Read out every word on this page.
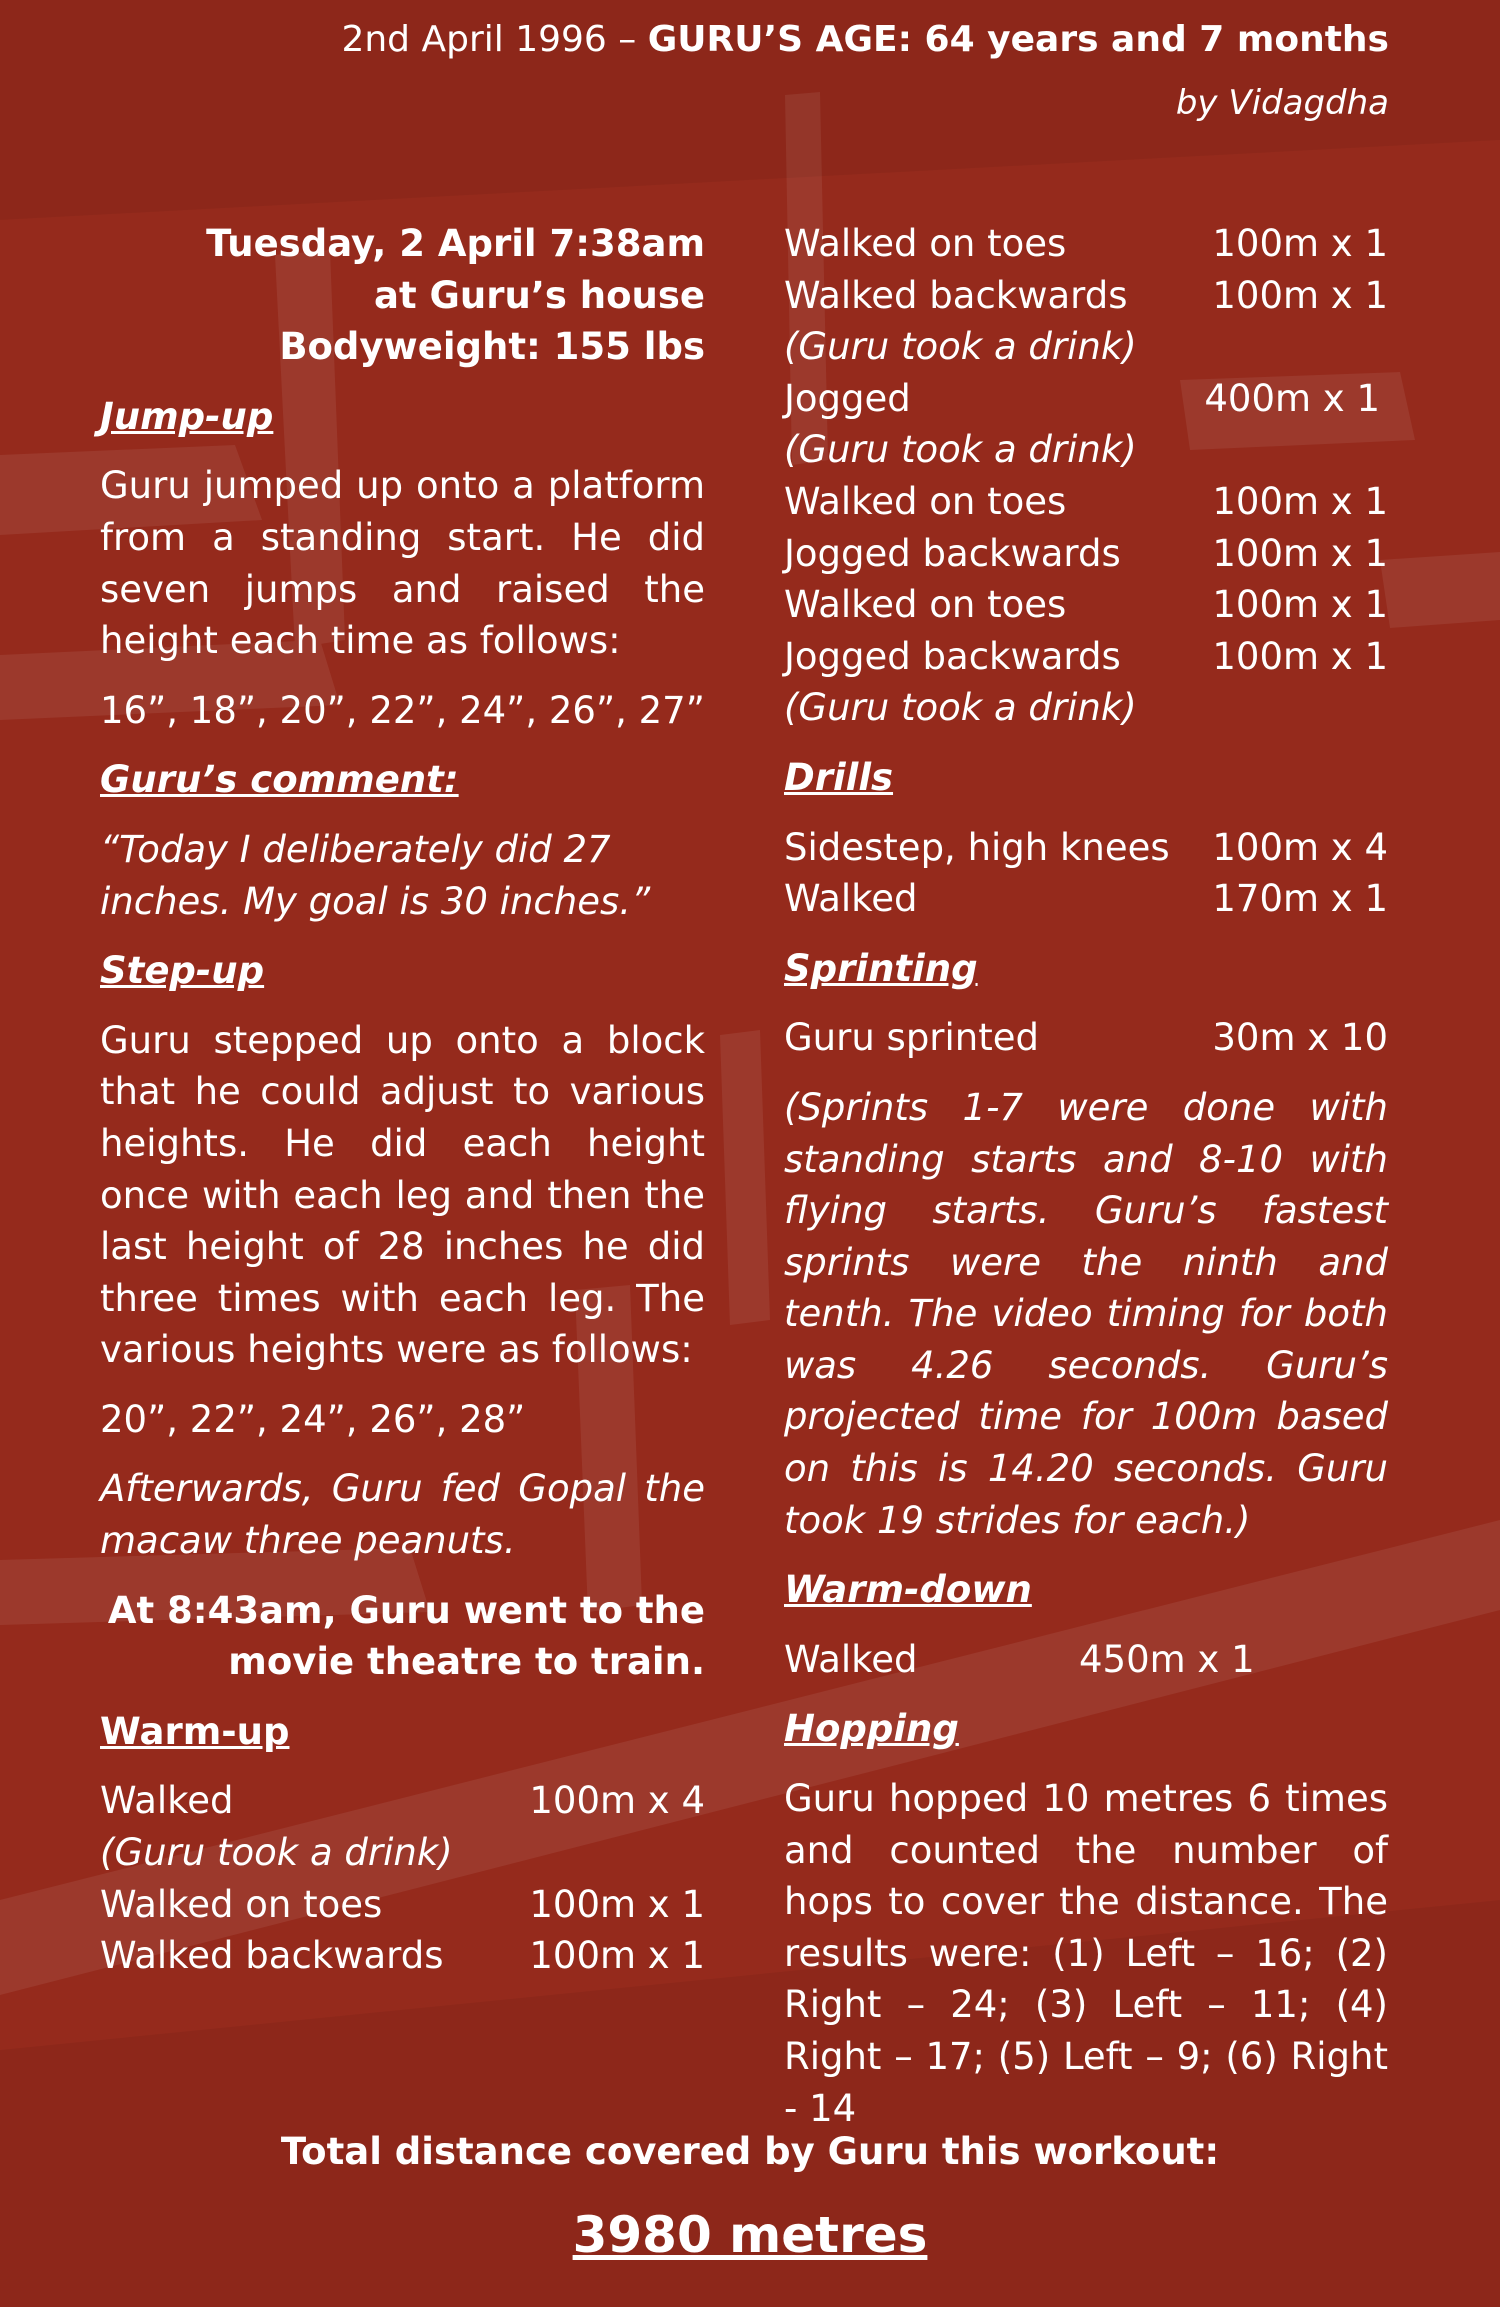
2nd April 1996 – GURU’S AGE: 64 years and 7 months
by Vidagdha
Tuesday, 2 April 7:38am
at Guru’s house
Bodyweight: 155 lbs
Jump-up
Guru jumped up onto a platform from a standing start. He did seven jumps and raised the height each time as follows:
16”, 18”, 20”, 22”, 24”, 26”, 27”
Guru’s comment:
“Today I deliberately did 27 inches. My goal is 30 inches.”
Step-up
Guru stepped up onto a block that he could adjust to various heights. He did each height once with each leg and then the last height of 28 inches he did three times with each leg. The various heights were as follows:
20”, 22”, 24”, 26”, 28”
Afterwards, Guru fed Gopal the macaw three peanuts.
At 8:43am, Guru went to the
movie theatre to train.
Warm-up
Walked	100m x 4
(Guru took a drink)
Walked on toes	100m x 1
Walked backwards 100m x 1
Walked on toes	100m x 1
Walked backwards 100m x 1
(Guru took a drink)
Jogged	400m x 1
(Guru took a drink)
Walked on toes	100m x 1
Jogged backwards 100m x 1
Walked on toes	100m x 1
Jogged backwards 100m x 1
(Guru took a drink)
Drills
Sidestep, high knees 100m x 4
Walked	170m x 1
Sprinting
Guru sprinted	30m x 10
(Sprints 1-7 were done with standing starts and 8-10 with flying starts. Guru’s fastest sprints were the ninth and tenth. The video timing for both was 4.26 seconds. Guru’s projected time for 100m based on this is 14.20 seconds. Guru took 19 strides for each.)
Warm-down
Walked	450m x 1
Hopping
Guru hopped 10 metres 6 times and counted the number of hops to cover the distance. The results were: (1) Left – 16; (2) Right – 24; (3) Left – 11; (4) Right – 17; (5) Left – 9; (6) Right - 14
Total distance covered by Guru this workout:
3980 metres
